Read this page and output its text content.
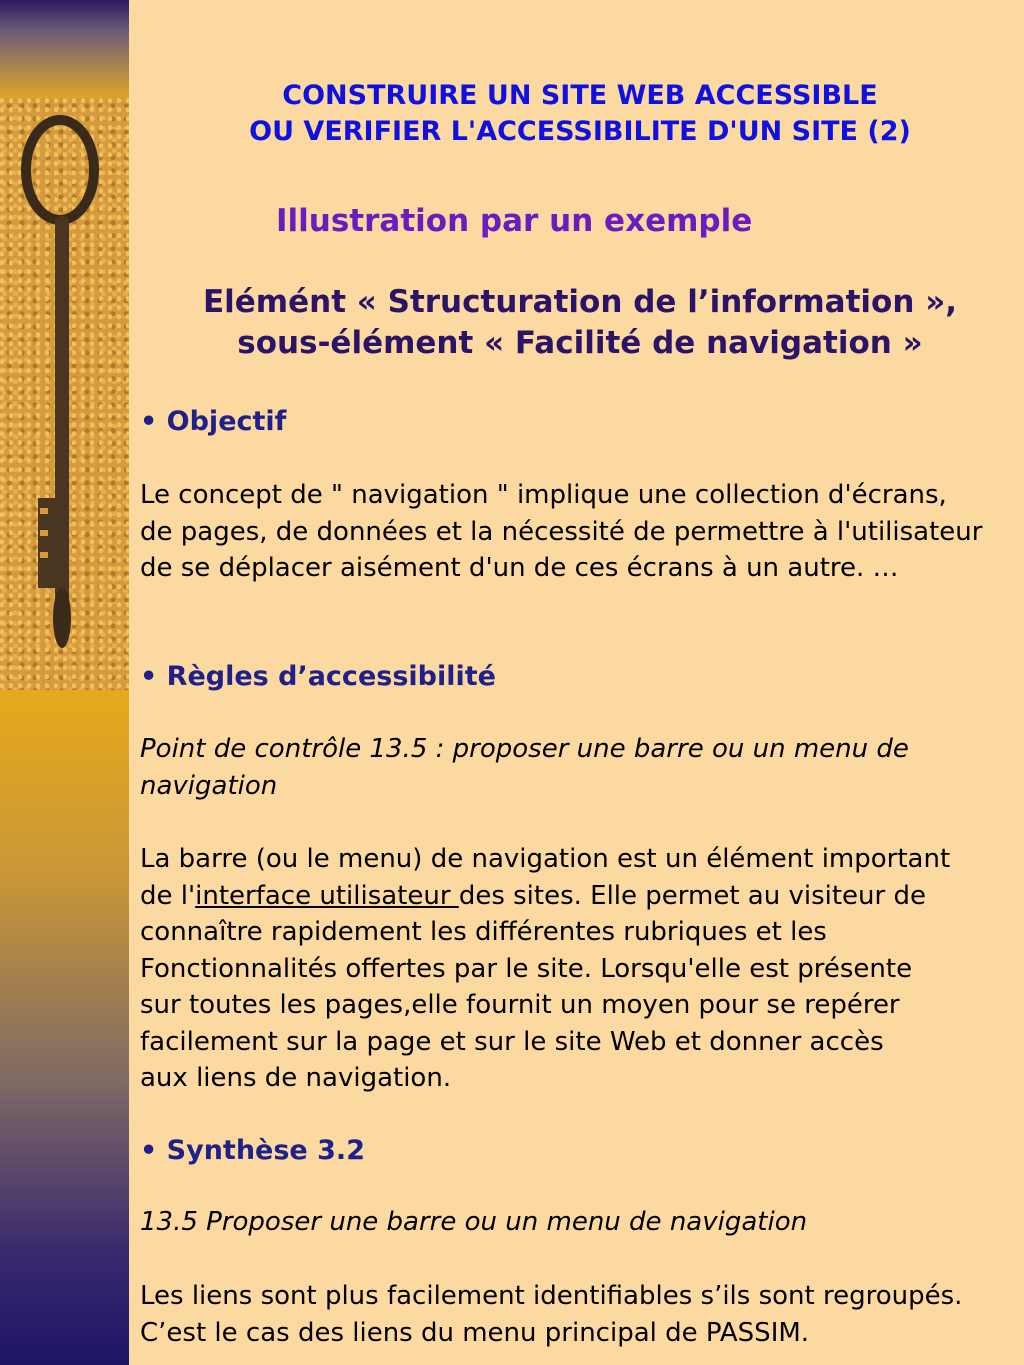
CONSTRUIRE UN SITE WEB ACCESSIBLE
OU VERIFIER L'ACCESSIBILITE D'UN SITE (2)
Illustration par un exemple
Elémént « Structuration de l’information »,
sous-élément « Facilité de navigation »
• Objectif
Le concept de " navigation " implique une collection d'écrans,
de pages, de données et la nécessité de permettre à l'utilisateur
de se déplacer aisément d'un de ces écrans à un autre. …
• Règles d’accessibilité
Point de contrôle 13.5 : proposer une barre ou un menu de
navigation
La barre (ou le menu) de navigation est un élément important
de l'interface utilisateur des sites. Elle permet au visiteur de
connaître rapidement les différentes rubriques et les
Fonctionnalités offertes par le site. Lorsqu'elle est présente
sur toutes les pages,elle fournit un moyen pour se repérer
facilement sur la page et sur le site Web et donner accès
aux liens de navigation.
• Synthèse 3.2
13.5 Proposer une barre ou un menu de navigation
Les liens sont plus facilement identifiables s’ils sont regroupés.
C’est le cas des liens du menu principal de PASSIM.
